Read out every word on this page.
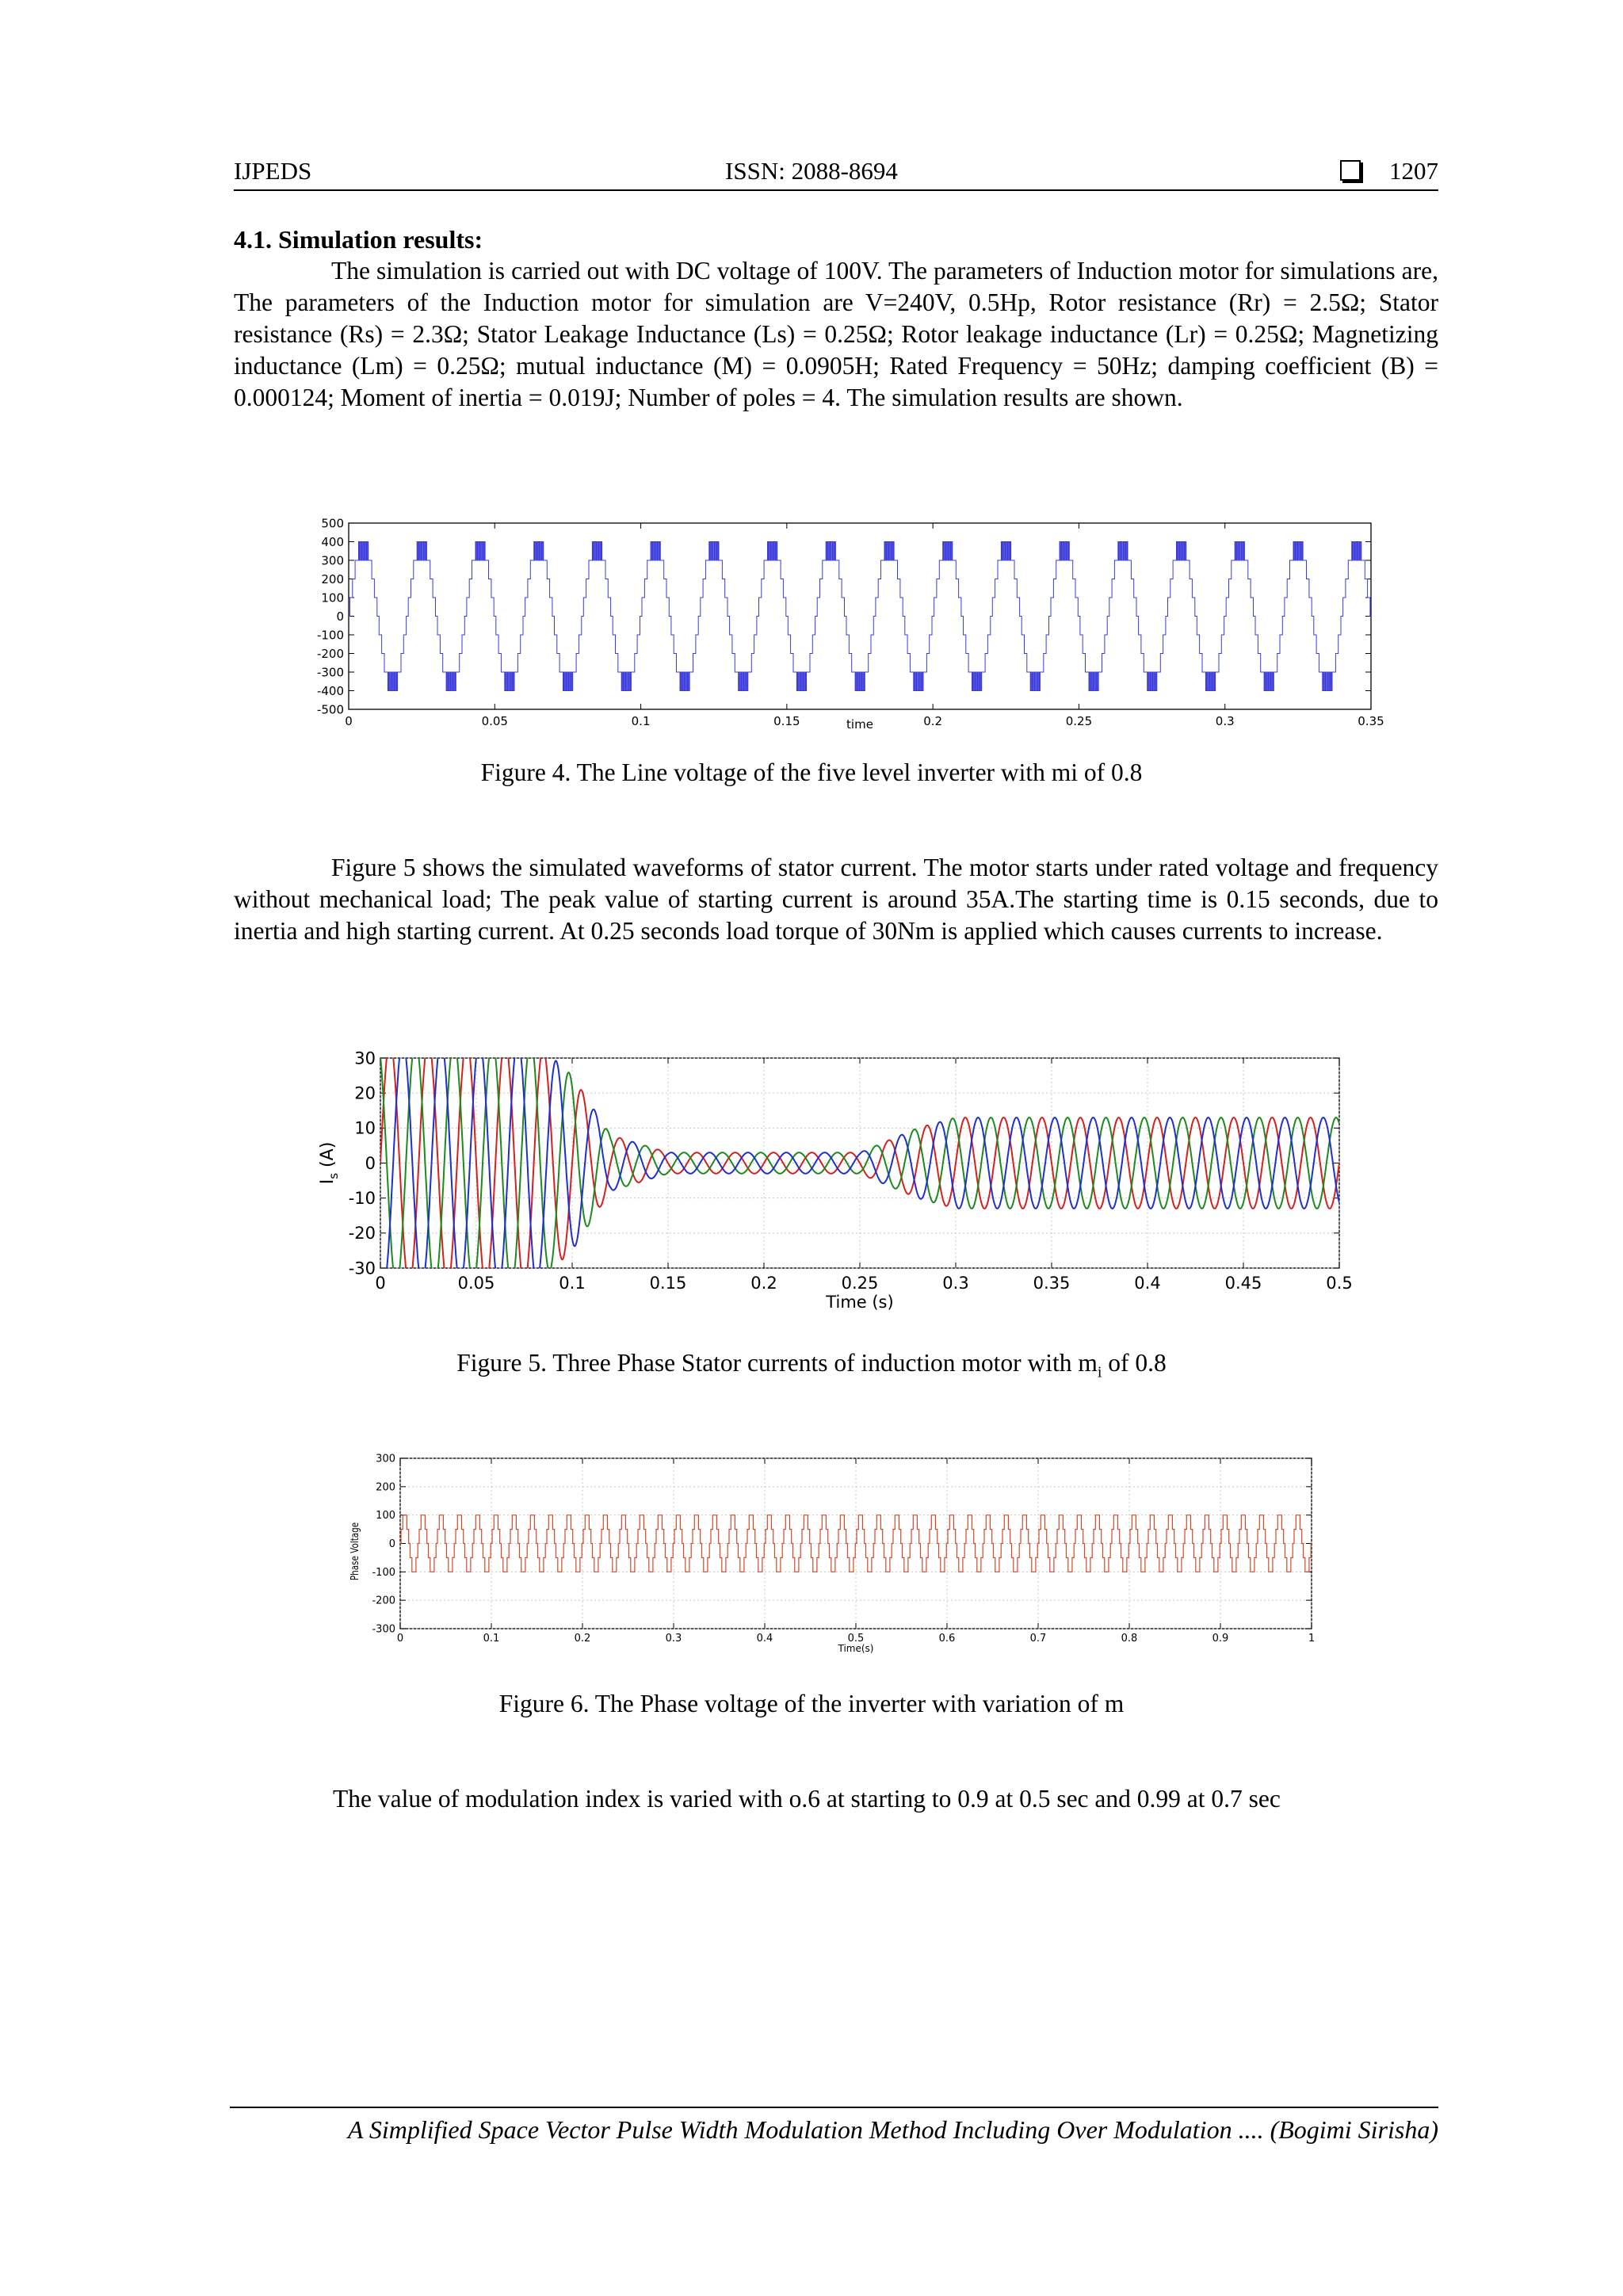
IJPEDS	ISSN: 2088-8694	1207
4.1. Simulation results:
The simulation is carried out with DC voltage of 100V. The parameters of Induction motor for simulations are, The parameters of the Induction motor for simulation are V=240V, 0.5Hp, Rotor resistance (Rr) = 2.5Ω; Stator resistance (Rs) = 2.3Ω; Stator Leakage Inductance (Ls) = 0.25Ω; Rotor leakage inductance (Lr) = 0.25Ω; Magnetizing inductance (Lm) = 0.25Ω; mutual inductance (M) = 0.0905H; Rated Frequency = 50Hz; damping coefficient (B) = 0.000124; Moment of inertia = 0.019J; Number of poles = 4. The simulation results are shown.
0	0.05	0.1	0.15	0.2	0.25	0.3	0.35
500
400
300
200
100
0
-100
-200
-300
-400
-500
time
Figure 4. The Line voltage of the five level inverter with mi of 0.8
Figure 5 shows the simulated waveforms of stator current. The motor starts under rated voltage and frequency without mechanical load; The peak value of starting current is around 35A.The starting time is 0.15 seconds, due to inertia and high starting current. At 0.25 seconds load torque of 30Nm is applied which causes currents to increase.
0	0.05	0.1	0.15	0.2	0.25	0.3	0.35	0.4	0.45	0.5
30
20
10
0
-10
-20
-30
Time (s)
$I_s$ (A)
Figure 5. Three Phase Stator currents of induction motor with $m_i$ of 0.8
0	0.1	0.2	0.3	0.4	0.5	0.6	0.7	0.8	0.9	1
300
200
100
0
-100
-200
-300
Time(s)
Phase Voltage
Figure 6. The Phase voltage of the inverter with variation of m
The value of modulation index is varied with o.6 at starting to 0.9 at 0.5 sec and 0.99 at 0.7 sec
A Simplified Space Vector Pulse Width Modulation Method Including Over Modulation .... (Bogimi Sirisha)
